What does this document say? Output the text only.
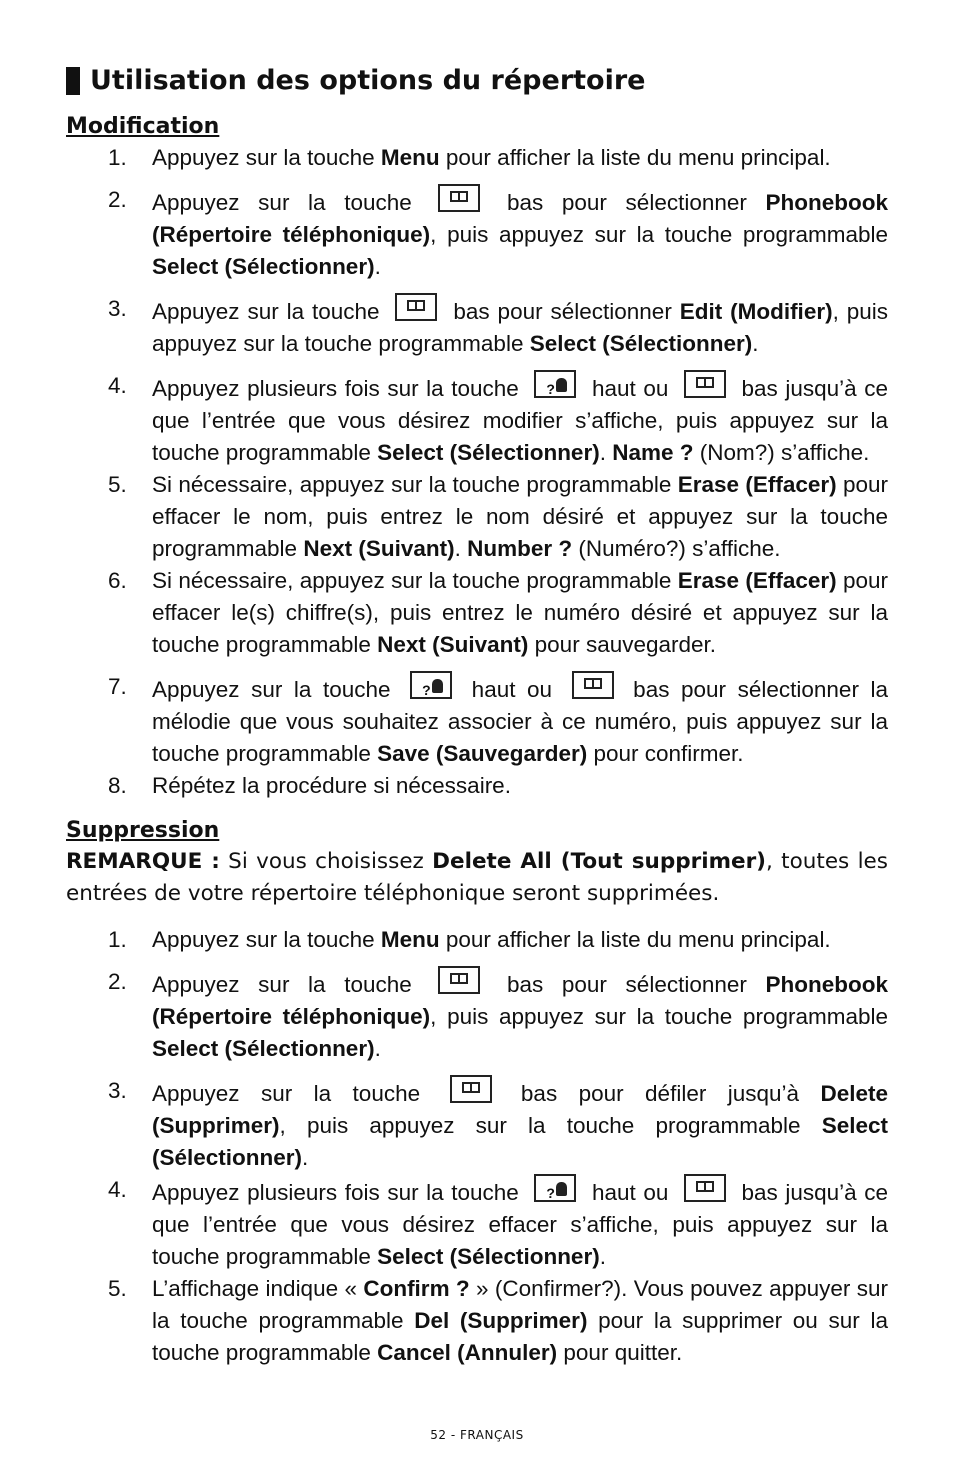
Utilisation des options du répertoire

Modification

1. Appuyez sur la touche Menu pour afficher la liste du menu principal.
2. Appuyez sur la touche	bas pour sélectionner Phonebook (Répertoire téléphonique), puis appuyez sur la touche programmable Select (Sélectionner).
3. Appuyez sur la touche	bas pour sélectionner Edit (Modifier), puis appuyez sur la touche programmable Select (Sélectionner).
4. Appuyez plusieurs fois sur la touche ?	haut ou	bas jusqu’à ce que l’entrée que vous désirez modifier s’affiche, puis appuyez sur la touche programmable Select (Sélectionner). Name ? (Nom?) s’affiche.
5. Si nécessaire, appuyez sur la touche programmable Erase (Effacer) pour effacer le nom, puis entrez le nom désiré et appuyez sur la touche programmable Next (Suivant). Number ? (Numéro?) s’affiche.
6. Si nécessaire, appuyez sur la touche programmable Erase (Effacer) pour effacer le(s) chiffre(s), puis entrez le numéro désiré et appuyez sur la touche programmable Next (Suivant) pour sauvegarder.
7. Appuyez sur la touche ?	haut ou	bas pour sélectionner la mélodie que vous souhaitez associer à ce numéro, puis appuyez sur la touche programmable Save (Sauvegarder) pour confirmer.
8. Répétez la procédure si nécessaire.

Suppression

REMARQUE : Si vous choisissez Delete All (Tout supprimer), toutes les entrées de votre répertoire téléphonique seront supprimées.

1. Appuyez sur la touche Menu pour afficher la liste du menu principal.
2. Appuyez sur la touche	bas pour sélectionner Phonebook (Répertoire téléphonique), puis appuyez sur la touche programmable Select (Sélectionner).
3. Appuyez sur la touche	bas pour défiler jusqu’à Delete (Supprimer), puis appuyez sur la touche programmable Select (Sélectionner).
4. Appuyez plusieurs fois sur la touche ?	haut ou	bas jusqu’à ce que l’entrée que vous désirez effacer s’affiche, puis appuyez sur la touche programmable Select (Sélectionner).
5. L’affichage indique « Confirm ? » (Confirmer?). Vous pouvez appuyer sur la touche programmable Del (Supprimer) pour la supprimer ou sur la touche programmable Cancel (Annuler) pour quitter.
52 - FRANÇAIS
